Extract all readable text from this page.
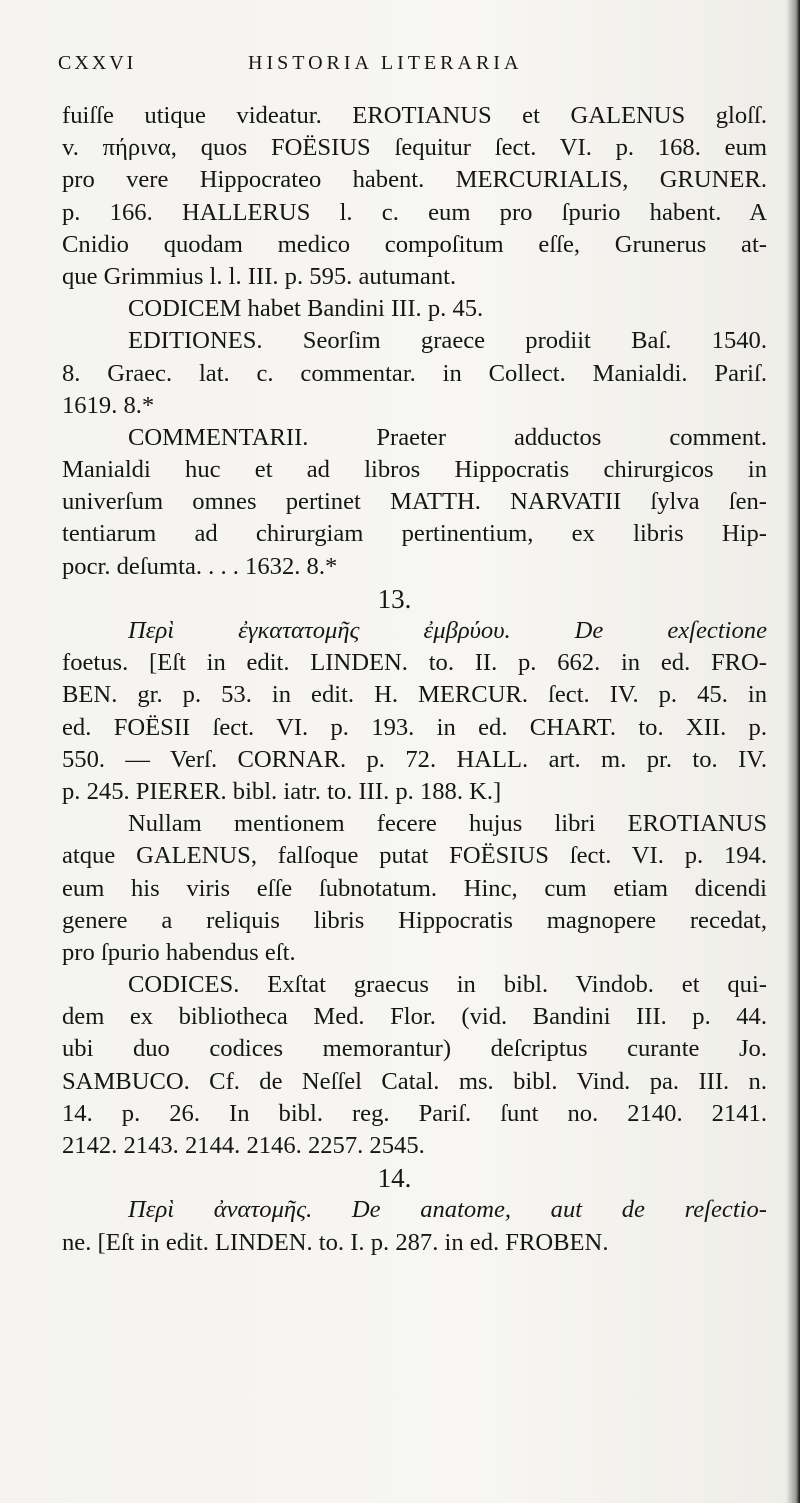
CXXVI	HISTORIA LITERARIA
fuiſſe utique videatur. EROTIANUS et GALENUS gloſſ.
v. πήρινα, quos FOËSIUS ſequitur ſect. VI. p. 168. eum
pro vere Hippocrateo habent. MERCURIALIS, GRUNER.
p. 166. HALLERUS l. c. eum pro ſpurio habent. A
Cnidio quodam medico compoſitum eſſe, Grunerus at-
que Grimmius l. l. III. p. 595. autumant.
CODICEM habet Bandini III. p. 45.
EDITIONES. Seorſim graece prodiit Baſ. 1540.
8. Graec. lat. c. commentar. in Collect. Manialdi. Pariſ.
1619. 8.*
COMMENTARII. Praeter adductos comment.
Manialdi huc et ad libros Hippocratis chirurgicos in
univerſum omnes pertinet MATTH. NARVATII ſylva ſen-
tentiarum ad chirurgiam pertinentium, ex libris Hip-
pocr. deſumta. . . . 1632. 8.*
13.
Περὶ ἐγκατατομῆς ἐμβρύου. De exſectione
foetus. [Eſt in edit. LINDEN. to. II. p. 662. in ed. FRO-
BEN. gr. p. 53. in edit. H. MERCUR. ſect. IV. p. 45. in
ed. FOËSII ſect. VI. p. 193. in ed. CHART. to. XII. p.
550. — Verſ. CORNAR. p. 72. HALL. art. m. pr. to. IV.
p. 245. PIERER. bibl. iatr. to. III. p. 188. K.]
Nullam mentionem fecere hujus libri EROTIANUS
atque GALENUS, falſoque putat FOËSIUS ſect. VI. p. 194.
eum his viris eſſe ſubnotatum. Hinc, cum etiam dicendi
genere a reliquis libris Hippocratis magnopere recedat,
pro ſpurio habendus eſt.
CODICES. Exſtat graecus in bibl. Vindob. et qui-
dem ex bibliotheca Med. Flor. (vid. Bandini III. p. 44.
ubi duo codices memorantur) deſcriptus curante Jo.
SAMBUCO. Cf. de Neſſel Catal. ms. bibl. Vind. pa. III. n.
14. p. 26. In bibl. reg. Pariſ. ſunt no. 2140. 2141.
2142. 2143. 2144. 2146. 2257. 2545.
14.
Περὶ ἀνατομῆς. De anatome, aut de reſectio-
ne. [Eſt in edit. LINDEN. to. I. p. 287. in ed. FROBEN.
